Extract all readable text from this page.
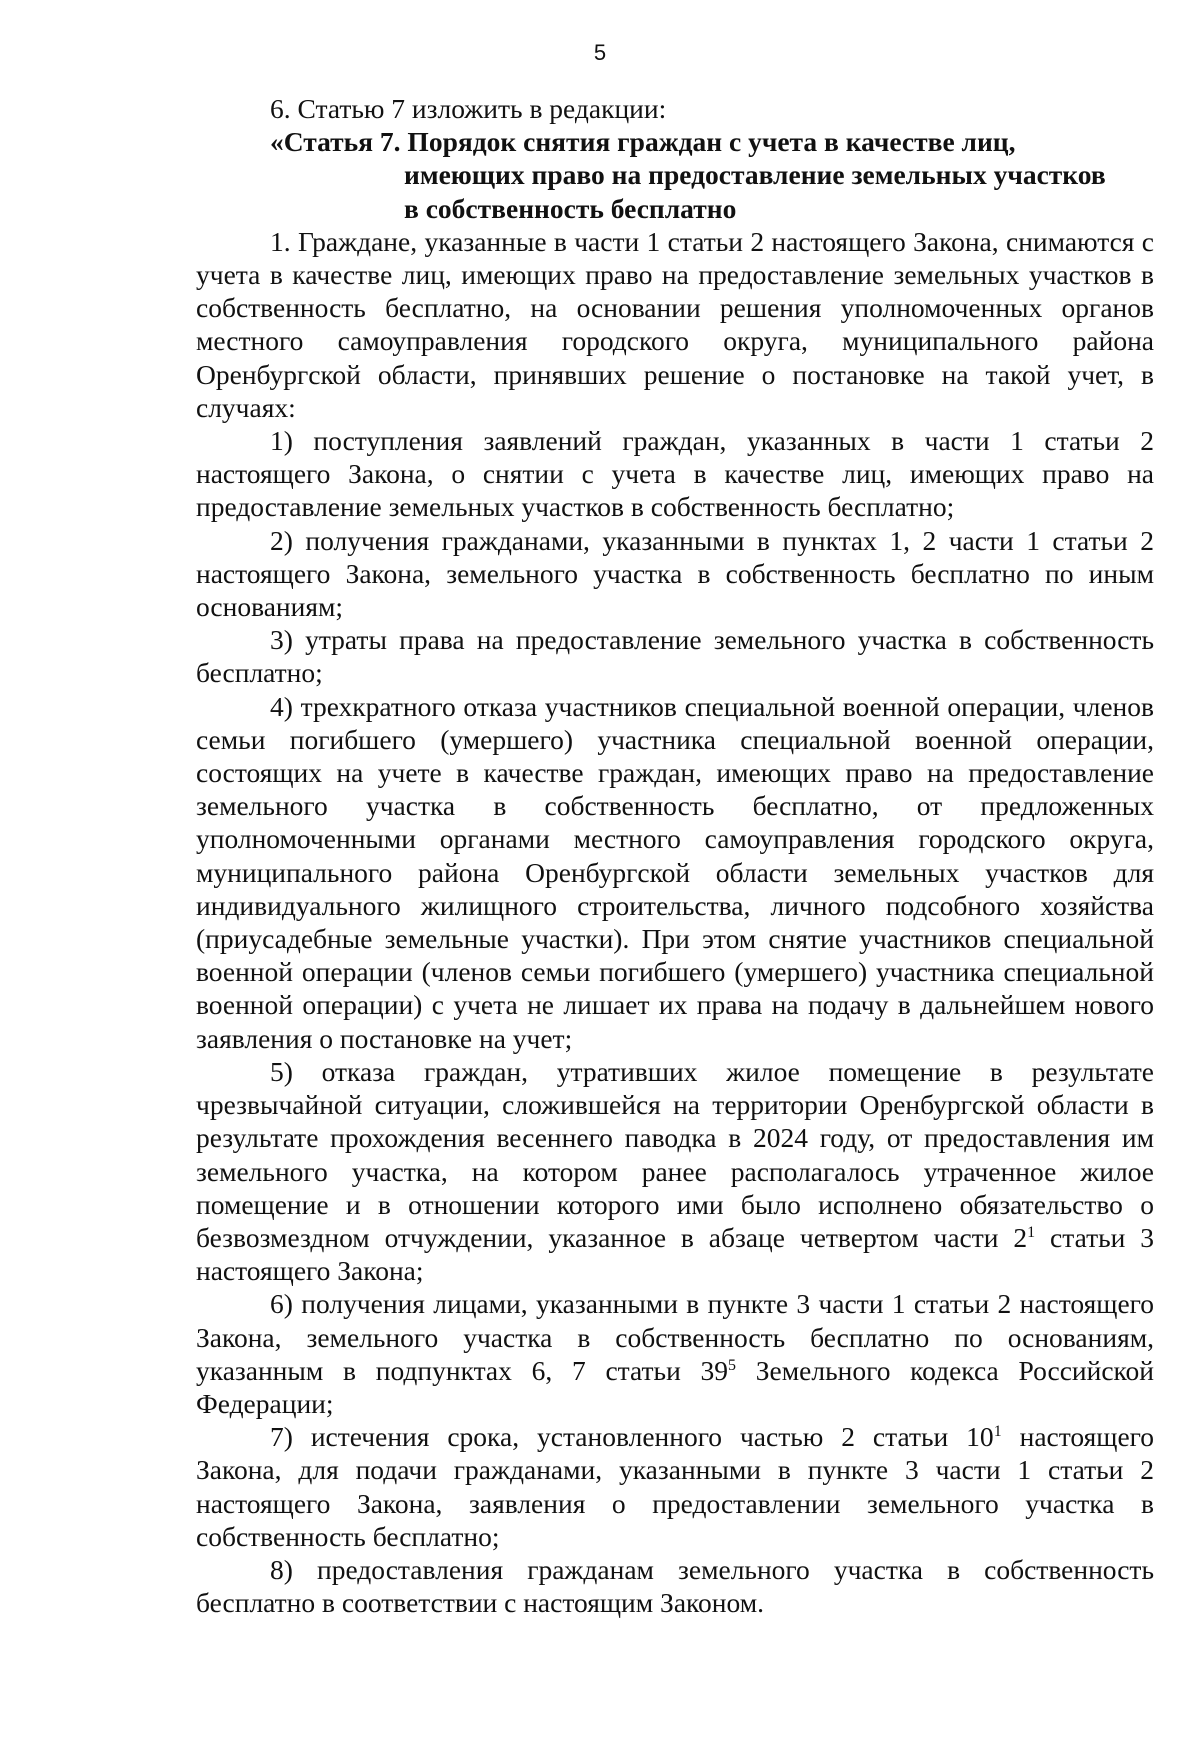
5

6. Статью 7 изложить в редакции:

«Статья 7. Порядок снятия граждан с учета в качестве лиц,
имеющих право на предоставление земельных участков
в собственность бесплатно

1. Граждане, указанные в части 1 статьи 2 настоящего Закона, снимаются с учета в качестве лиц, имеющих право на предоставление земельных участков в собственность бесплатно, на основании решения уполномоченных органов местного самоуправления городского округа, муниципального района Оренбургской области, принявших решение о постановке на такой учет, в случаях:

1) поступления заявлений граждан, указанных в части 1 статьи 2 настоящего Закона, о снятии с учета в качестве лиц, имеющих право на предоставление земельных участков в собственность бесплатно;

2) получения гражданами, указанными в пунктах 1, 2 части 1 статьи 2 настоящего Закона, земельного участка в собственность бесплатно по иным основаниям;

3) утраты права на предоставление земельного участка в собственность бесплатно;

4) трехкратного отказа участников специальной военной операции, членов семьи погибшего (умершего) участника специальной военной операции, состоящих на учете в качестве граждан, имеющих право на предоставление земельного участка в собственность бесплатно, от предложенных уполномоченными органами местного самоуправления городского округа, муниципального района Оренбургской области земельных участков для индивидуального жилищного строительства, личного подсобного хозяйства (приусадебные земельные участки). При этом снятие участников специальной военной операции (членов семьи погибшего (умершего) участника специальной военной операции) с учета не лишает их права на подачу в дальнейшем нового заявления о постановке на учет;

5) отказа граждан, утративших жилое помещение в результате чрезвычайной ситуации, сложившейся на территории Оренбургской области в результате прохождения весеннего паводка в 2024 году, от предоставления им земельного участка, на котором ранее располагалось утраченное жилое помещение и в отношении которого ими было исполнено обязательство о безвозмездном отчуждении, указанное в абзаце четвертом части $2^1$ статьи 3 настоящего Закона;

6) получения лицами, указанными в пункте 3 части 1 статьи 2 настоящего Закона, земельного участка в собственность бесплатно по основаниям, указанным в подпунктах 6, 7 статьи $39^5$ Земельного кодекса Российской Федерации;

7) истечения срока, установленного частью 2 статьи $10^1$ настоящего Закона, для подачи гражданами, указанными в пункте 3 части 1 статьи 2 настоящего Закона, заявления о предоставлении земельного участка в собственность бесплатно;

8) предоставления гражданам земельного участка в собственность бесплатно в соответствии с настоящим Законом.
